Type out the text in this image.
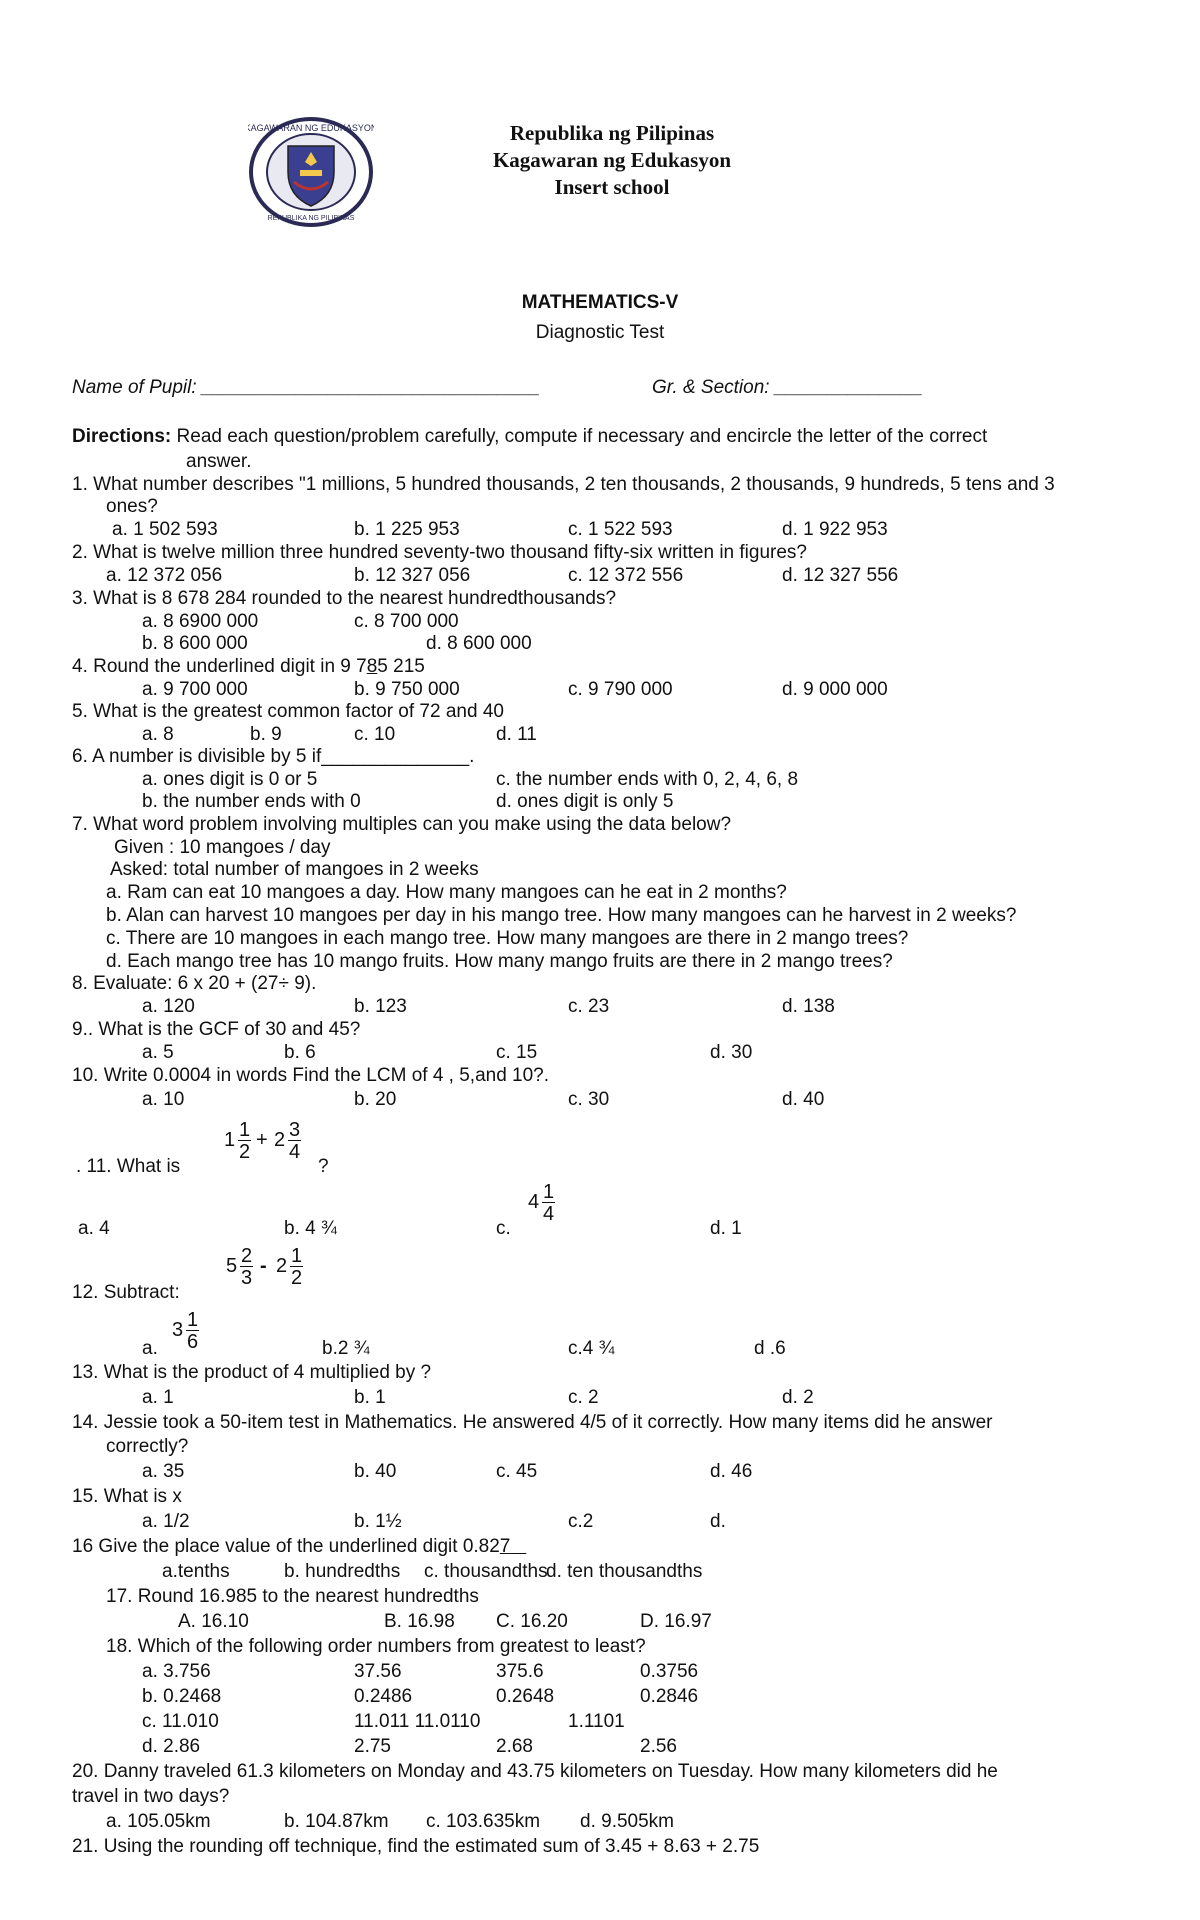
KAGAWARAN NG EDUKASYON
REPUBLIKA NG PILIPINAS
Republika ng Pilipinas
Kagawaran ng Edukasyon
Insert school
MATHEMATICS-V
Diagnostic Test
Name of Pupil: ________________________________	Gr. & Section: ______________
Directions: Read each question/problem carefully, compute if necessary and encircle the letter of the correct
answer.
1. What number describes "1 millions, 5 hundred thousands, 2 ten thousands, 2 thousands, 9 hundreds, 5 tens and 3
ones?
a. 1 502 593	b. 1 225 953	c. 1 522 593	d. 1 922 953
2. What is twelve million three hundred seventy-two thousand fifty-six written in figures?
a. 12 372 056	b. 12 327 056	c. 12 372 556	d. 12 327 556
3. What is 8 678 284 rounded to the nearest hundredthousands?
a. 8 6900 000	c. 8 700 000
b. 8 600 000	d. 8 600 000
4. Round the underlined digit in 9 785 215
a. 9 700 000	b. 9 750 000	c. 9 790 000	d. 9 000 000
5. What is the greatest common factor of 72 and 40
a. 8	b. 9	c. 10	d. 11
6. A number is divisible by 5 if______________.
a. ones digit is 0 or 5	c. the number ends with 0, 2, 4, 6, 8
b. the number ends with 0	d. ones digit is only 5
7. What word problem involving multiples can you make using the data below?
Given : 10 mangoes / day
Asked: total number of mangoes in 2 weeks
a. Ram can eat 10 mangoes a day. How many mangoes can he eat in 2 months?
b. Alan can harvest 10 mangoes per day in his mango tree. How many mangoes can he harvest in 2 weeks?
c. There are 10 mangoes in each mango tree. How many mangoes are there in 2 mango trees?
d. Each mango tree has 10 mango fruits. How many mango fruits are there in 2 mango trees?
8. Evaluate: 6 x 20 + (27÷ 9).
a. 120	b. 123	c. 23	d. 138
9.. What is the GCF of 30 and 45?
a. 5	b. 6	c. 15	d. 30
10. Write 0.0004 in words Find the LCM of 4 , 5,and 10?.
a. 10	b. 20	c. 30	d. 40
. 11. What is
1 1
2
+ 2 3
4
?
a. 4	b. 4 ¾	c.
4 1
4
d. 1
12. Subtract:
5 2
3
- 2 1
2
a.
3 1
6	b.2 ¾	c.4 ¾	d .6
13. What is the product of 4 multiplied by ?
a. 1	b. 1	c. 2	d. 2
14. Jessie took a 50-item test in Mathematics. He answered 4/5 of it correctly. How many items did he answer
correctly?
a. 35	b. 40	c. 45	d. 46
15. What is x
a. 1/2	b. 1½	c.2	d.
16 Give the place value of the underlined digit 0.827
a.tenths	b. hundredths c. thousandths
d. ten thousandths
17. Round 16.985 to the nearest hundredths
A. 16.10	B. 16.98 C. 16.20	D. 16.97
18. Which of the following order numbers from greatest to least?
a. 3.756	37.56	375.6	0.3756
b. 0.2468	0.2486	0.2648	0.2846
c. 11.010	11.011 11.0110	1.1101
d. 2.86	2.75	2.68	2.56
20. Danny traveled 61.3 kilometers on Monday and 43.75 kilometers on Tuesday. How many kilometers did he
travel in two days?
a. 105.05km	b. 104.87km c. 103.635km d. 9.505km
21. Using the rounding off technique, find the estimated sum of 3.45 + 8.63 + 2.75
